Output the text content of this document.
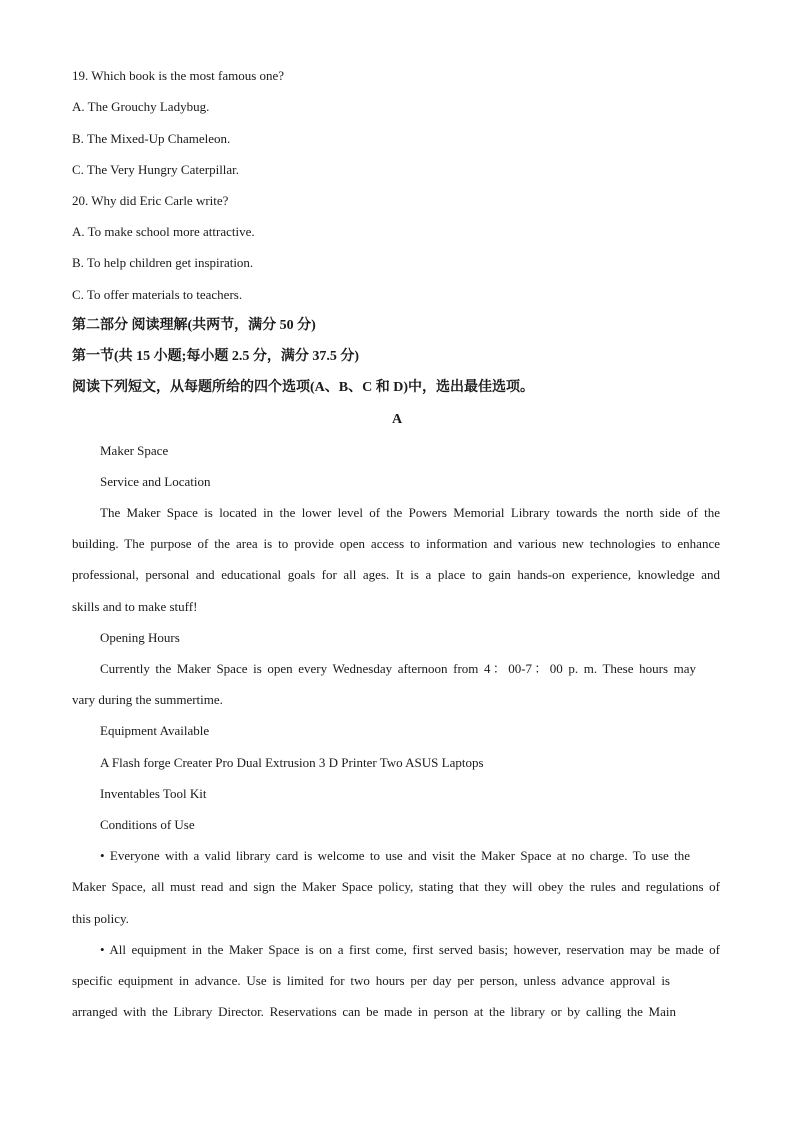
19. Which book is the most famous one?
A. The Grouchy Ladybug.
B. The Mixed-Up Chameleon.
C. The Very Hungry Caterpillar.
20. Why did Eric Carle write?
A. To make school more attractive.
B. To help children get inspiration.
C. To offer materials to teachers.
第二部分 阅读理解(共两节，满分 50 分)
第一节(共 15 小题;每小题 2.5 分，满分 37.5 分)
阅读下列短文，从每题所给的四个选项(A、B、C 和 D)中，选出最佳选项。
A
Maker Space
Service and Location
The Maker Space is located in the lower level of the Powers Memorial Library towards the north side of the
building. The purpose of the area is to provide open access to information and various new technologies to enhance
professional, personal and educational goals for all ages. It is a place to gain hands-on experience, knowledge and
skills and to make stuff!
Opening Hours
Currently the Maker Space is open every Wednesday afternoon from 4：00-7：00 p. m. These hours may
vary during the summertime.
Equipment Available
A Flash forge Creater Pro Dual Extrusion 3 D Printer Two ASUS Laptops
Inventables Tool Kit
Conditions of Use
• Everyone with a valid library card is welcome to use and visit the Maker Space at no charge. To use the
Maker Space, all must read and sign the Maker Space policy, stating that they will obey the rules and regulations of
this policy.
• All equipment in the Maker Space is on a first come, first served basis; however, reservation may be made of
specific equipment in advance. Use is limited for two hours per day per person, unless advance approval is
arranged with the Library Director. Reservations can be made in person at the library or by calling the Main
